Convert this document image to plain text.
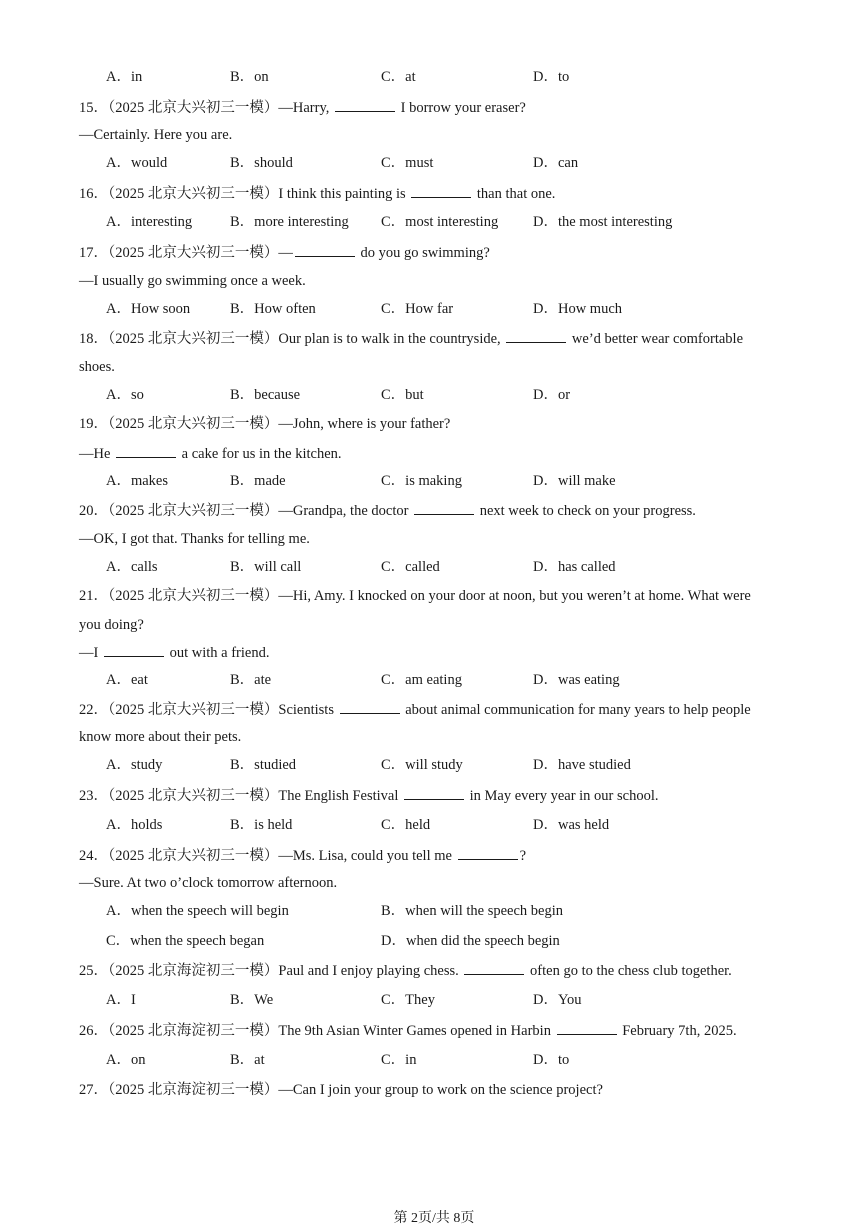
A．in	B．on	C．at	D．to
15．（2025 北京大兴初三一模）—Harry,	I borrow your eraser?
—Certainly. Here you are.
A．would	B．should	C．must	D．can
16．（2025 北京大兴初三一模）I think this painting is	than that one.
A．interesting	B．more interesting C．most interesting D．the most interesting
17．（2025 北京大兴初三一模）—	do you go swimming?
—I usually go swimming once a week.
A．How soon	B．How often	C．How far	D．How much
18．（2025 北京大兴初三一模）Our plan is to walk in the countryside,	we’d better wear comfortable
shoes.
A．so	B．because	C．but	D．or
19．（2025 北京大兴初三一模）—John, where is your father?
—He	a cake for us in the kitchen.
A．makes	B．made	C．is making	D．will make
20．（2025 北京大兴初三一模）—Grandpa, the doctor	next week to check on your progress.
—OK, I got that. Thanks for telling me.
A．calls	B．will call	C．called	D．has called
21．（2025 北京大兴初三一模）—Hi, Amy. I knocked on your door at noon, but you weren’t at home. What were
you doing?
—I	out with a friend.
A．eat	B．ate	C．am eating	D．was eating
22．（2025 北京大兴初三一模）Scientists	about animal communication for many years to help people
know more about their pets.
A．study	B．studied	C．will study	D．have studied
23．（2025 北京大兴初三一模）The English Festival	in May every year in our school.
A．holds	B．is held	C．held	D．was held
24．（2025 北京大兴初三一模）—Ms. Lisa, could you tell me	?
—Sure. At two o’clock tomorrow afternoon.
A．when the speech will begin	B．when will the speech begin
C．when the speech began	D．when did the speech begin
25．（2025 北京海淀初三一模）Paul and I enjoy playing chess.	often go to the chess club together.
A．I	B．We	C．They	D．You
26．（2025 北京海淀初三一模）The 9th Asian Winter Games opened in Harbin	February 7th, 2025.
A．on	B．at	C．in	D．to
27．（2025 北京海淀初三一模）—Can I join your group to work on the science project?
第 2页/共 8页
